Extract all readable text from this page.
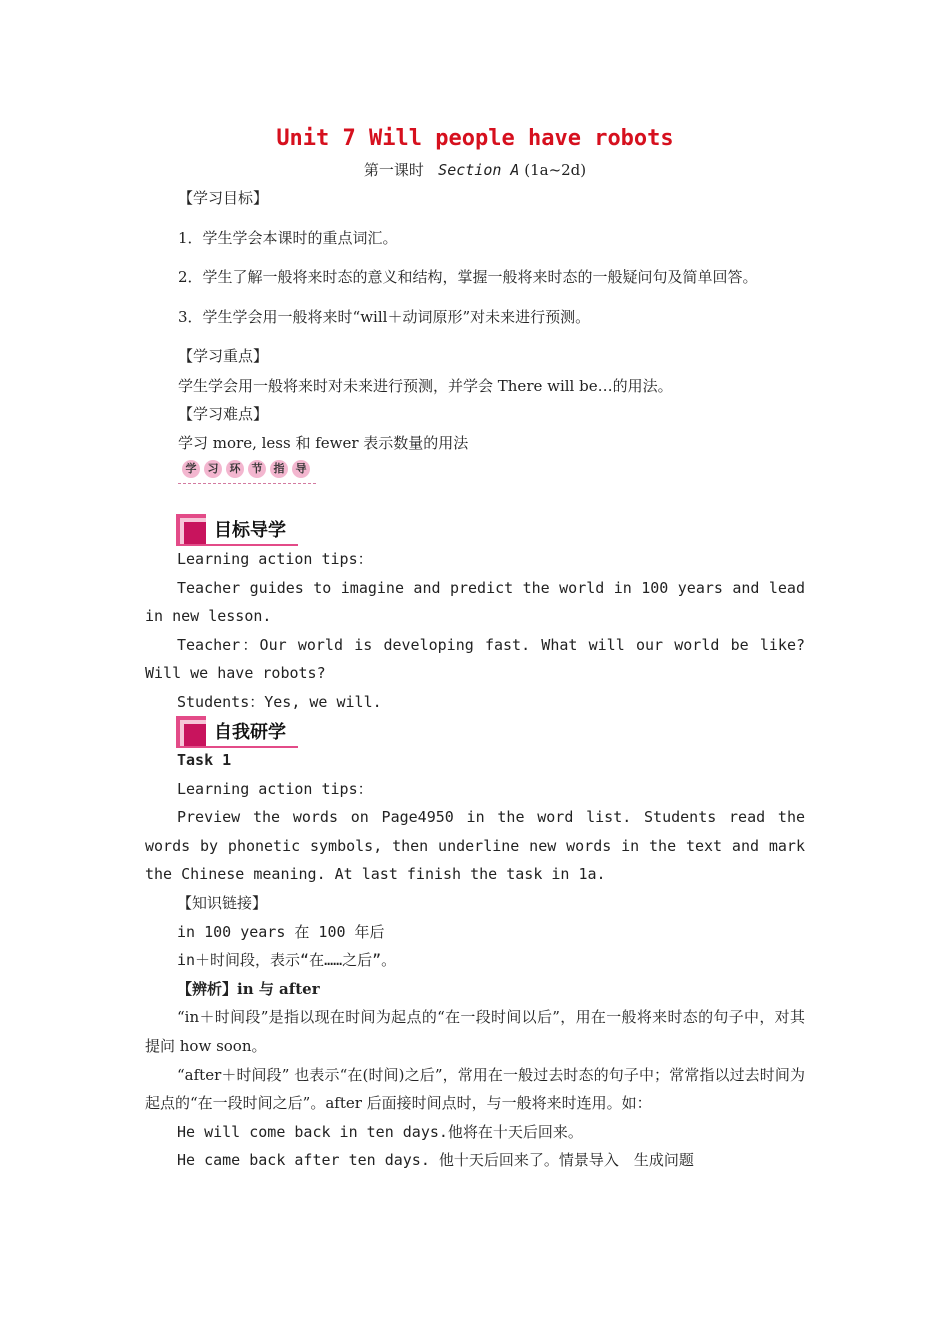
Unit 7 Will people have robots
第一课时 Section A (1a~2d)
【学习目标】
1．学生学会本课时的重点词汇。
2．学生了解一般将来时态的意义和结构，掌握一般将来时态的一般疑问句及简单回答。
3．学生学会用一般将来时“will＋动词原形”对未来进行预测。
【学习重点】
学生学会用一般将来时对未来进行预测，并学会 There will be…的用法。
【学习难点】
学习 more, less 和 fewer 表示数量的用法
学	习	环	节	指	导
目标导学
Learning action tips：
Teacher guides to imagine and predict the world in 100 years and lead in new lesson.
Teacher：Our world is developing fast. What will our world be like? Will we have robots?
Students：Yes, we will.
自我研学
Task 1
Learning action tips：
Preview the words on Page4950 in the word list. Students read the words by phonetic symbols, then underline new words in the text and mark the Chinese meaning. At last finish the task in 1a.
【知识链接】
in 100 years 在 100 年后
in＋时间段，表示“在……之后”。
【辨析】in 与 after
“in＋时间段”是指以现在时间为起点的“在一段时间以后”，用在一般将来时态的句子中，对其提问 how soon。
“after＋时间段” 也表示“在(时间)之后”，常用在一般过去时态的句子中；常常指以过去时间为起点的“在一段时间之后”。after 后面接时间点时，与一般将来时连用。如：
He will come back in ten days.他将在十天后回来。
He came back after ten days. 他十天后回来了。情景导入　生成问题
